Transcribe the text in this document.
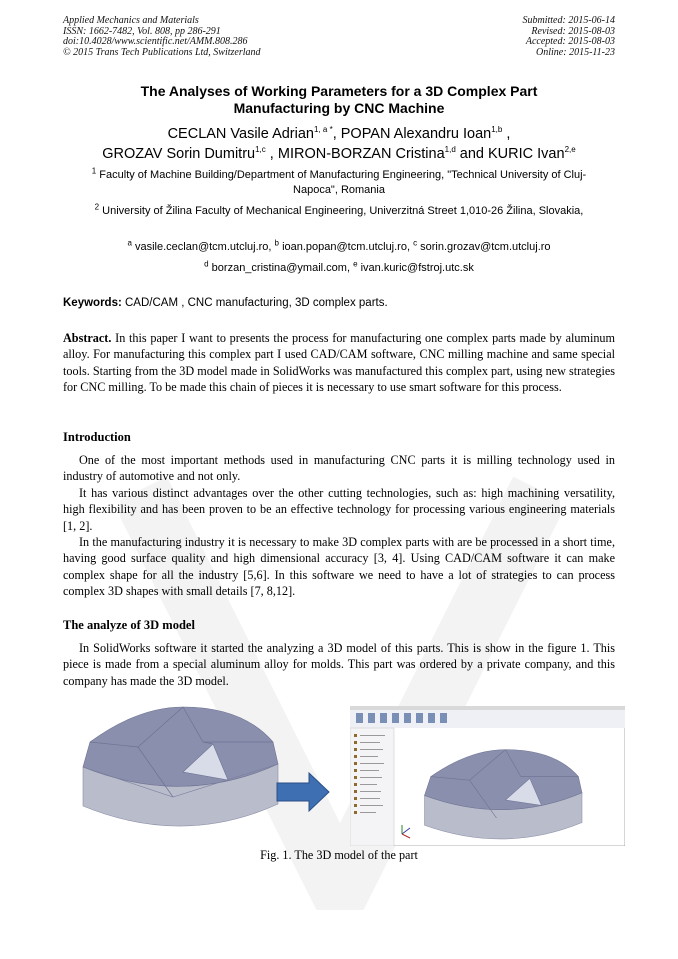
Applied Mechanics and Materials
ISSN: 1662-7482, Vol. 808, pp 286-291
doi:10.4028/www.scientific.net/AMM.808.286
© 2015 Trans Tech Publications Ltd, Switzerland
Submitted: 2015-06-14
Revised: 2015-08-03
Accepted: 2015-08-03
Online: 2015-11-23
The Analyses of Working Parameters for a 3D Complex Part
Manufacturing by CNC Machine
CECLAN Vasile Adrian$^{1, a *}$, POPAN Alexandru Ioan$^{1,b}$ ,
GROZAV Sorin Dumitru$^{1,c}$ , MIRON-BORZAN Cristina$^{1,d}$ and KURIC Ivan$^{2,e}$
$^1$ Faculty of Machine Building/Department of Manufacturing Engineering, "Technical University of Cluj-Napoca", Romania
$^2$ University of Žilina Faculty of Mechanical Engineering, Univerzitná Street 1,010-26 Žilina, Slovakia,
$^a$ vasile.ceclan@tcm.utcluj.ro, $^b$ ioan.popan@tcm.utcluj.ro, $^c$ sorin.grozav@tcm.utcluj.ro
$^d$ borzan_cristina@ymail.com, $^e$ ivan.kuric@fstroj.utc.sk
Keywords: CAD/CAM , CNC manufacturing, 3D complex parts.
Abstract. In this paper I want to presents the process for manufacturing one complex parts made by aluminum alloy. For manufacturing this complex part I used CAD/CAM software, CNC milling machine and same special tools. Starting from the 3D model made in SolidWorks was manufactured this complex part, using new strategies for CNC milling. To be made this chain of pieces it is necessary to use smart software for this process.
Introduction
One of the most important methods used in manufacturing CNC parts it is milling technology used in industry of automotive and not only.
It has various distinct advantages over the other cutting technologies, such as: high machining versatility, high flexibility and has been proven to be an effective technology for processing various engineering materials [1, 2].
In the manufacturing industry it is necessary to make 3D complex parts with are be processed in a short time, having good surface quality and high dimensional accuracy [3, 4]. Using CAD/CAM software it can make complex shape for all the industry [5,6]. In this software we need to have a lot of strategies to can process complex 3D shapes with small details [7, 8,12].
The analyze of 3D model
In SolidWorks software it started the analyzing a 3D model of this parts. This is show in the figure 1. This piece is made from a special aluminum alloy for molds. This part was ordered by a private company, and this company has made the 3D model.
Fig. 1. The 3D model of the part
